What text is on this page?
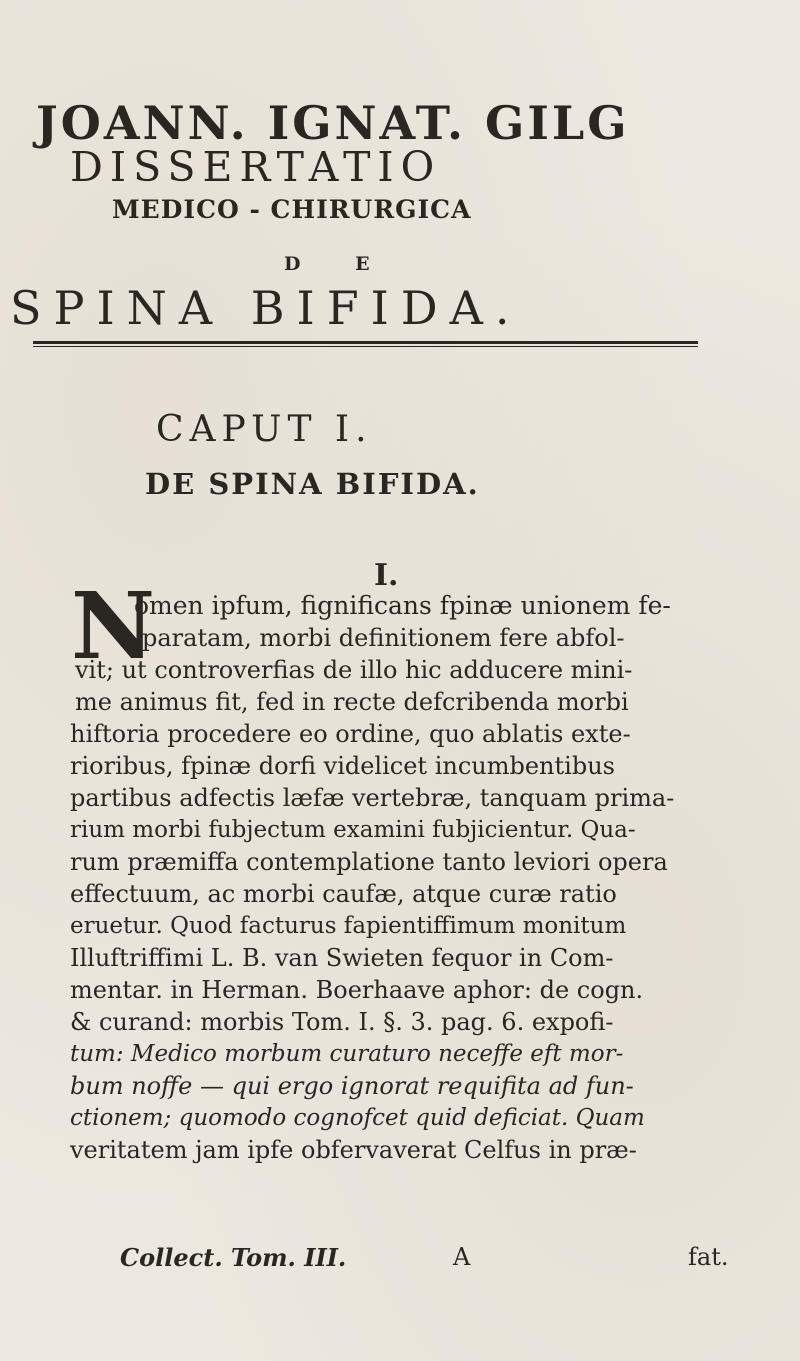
JOANN. IGNAT. GILG
DISSERTATIO
MEDICO - CHIRURGICA
D E
SPINA BIFIDA.
CAPUT I.
DE SPINA BIFIDA.
I.
N
omen ipfum, fignificans fpinæ unionem fe-
paratam, morbi definitionem fere abfol-
vit; ut controverfias de illo hic adducere mini-
me animus fit, fed in recte defcribenda morbi
hiftoria procedere eo ordine, quo ablatis exte-
rioribus, fpinæ dorfi videlicet incumbentibus
partibus adfectis læfæ vertebræ, tanquam prima-
rium morbi fubjectum examini fubjicientur. Qua-
rum præmiffa contemplatione tanto leviori opera
effectuum, ac morbi caufæ, atque curæ ratio
eruetur. Quod facturus fapientiffimum monitum
Illuftriffimi L. B. van Swieten fequor in Com-
mentar. in Herman. Boerhaave aphor: de cogn.
& curand: morbis Tom. I. §. 3. pag. 6. expofi-
tum: Medico morbum curaturo neceffe eft mor-
bum noffe — qui ergo ignorat requifita ad fun-
ctionem; quomodo cognofcet quid deficiat. Quam
veritatem jam ipfe obfervaverat Celfus in præ-
Collect. Tom. III.	A	fat.
